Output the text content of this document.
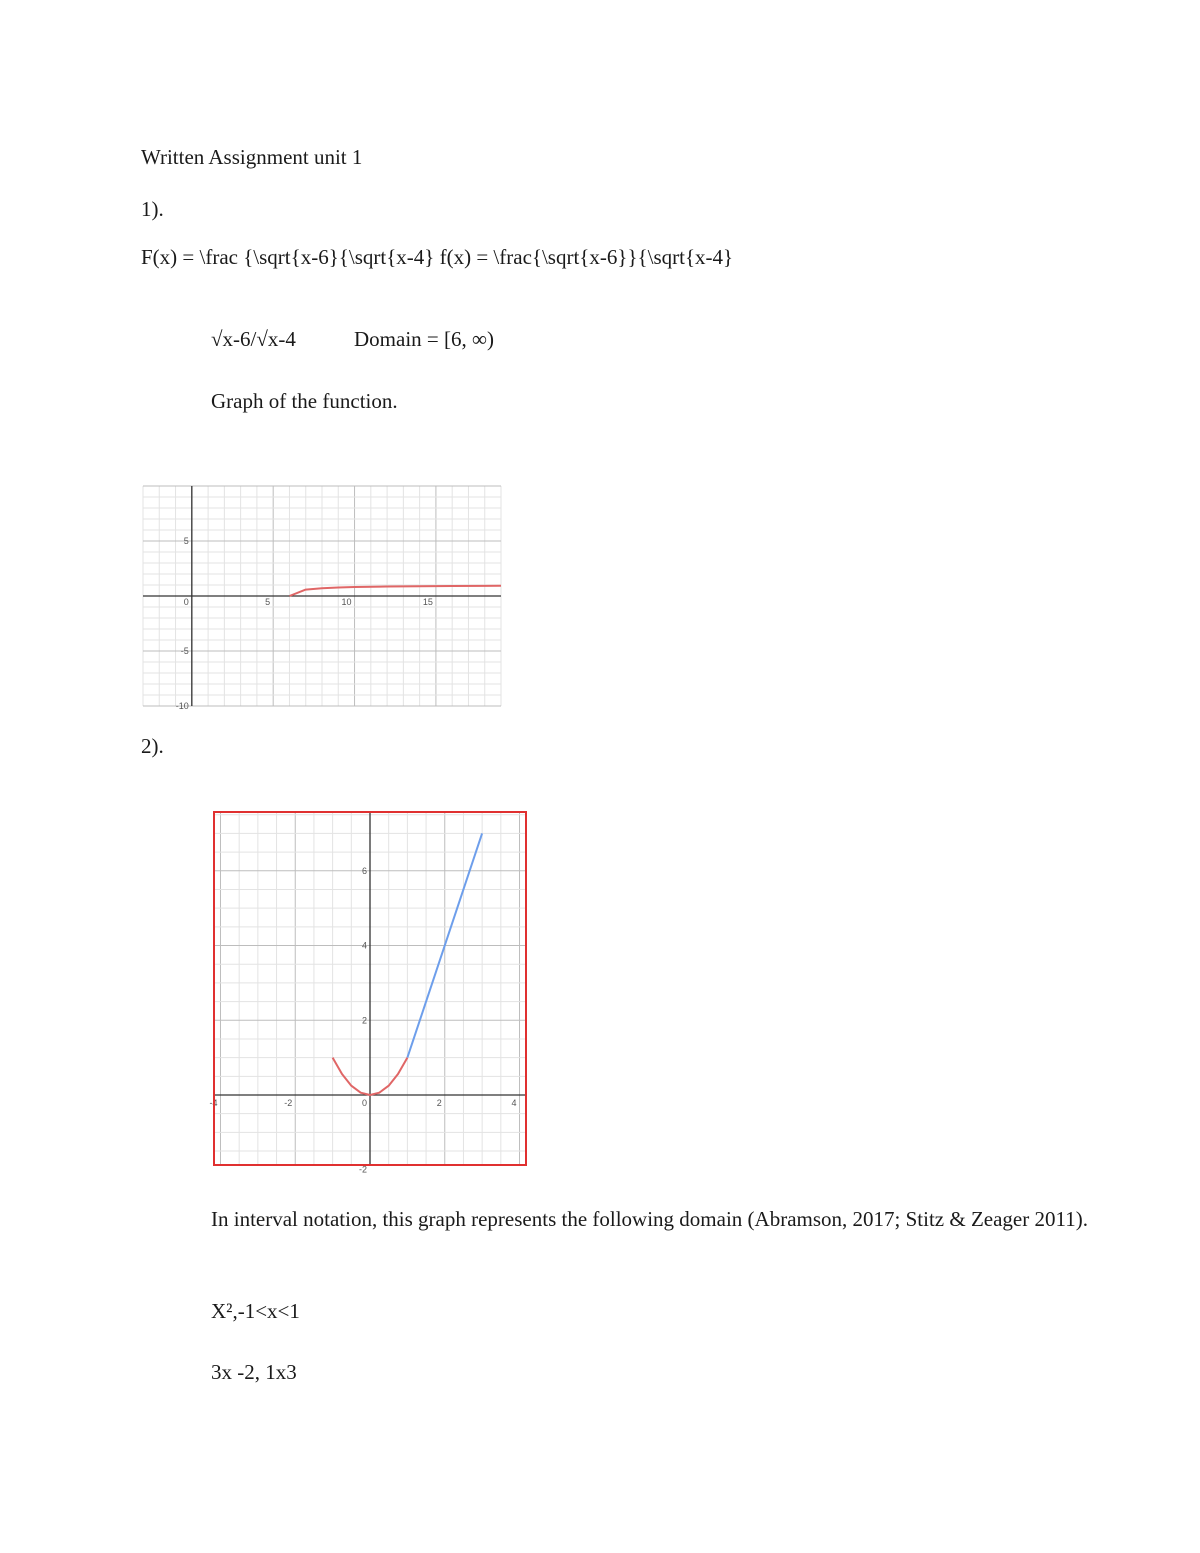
Written Assignment unit 1
1).
F(x) = \frac {\sqrt{x-6}{\sqrt{x-4} f(x) = \frac{\sqrt{x-6}}{\sqrt{x-4}
√x-6/√x-4	Domain = [6, ∞)
Graph of the function.
0	5	10	15
5
-5
-10
2).
-4	-2	0	2	4
6
4
2
-2
In interval notation, this graph represents the following domain (Abramson, 2017; Stitz & Zeager 2011).
X²,-1<x<1
3x -2, 1x3
